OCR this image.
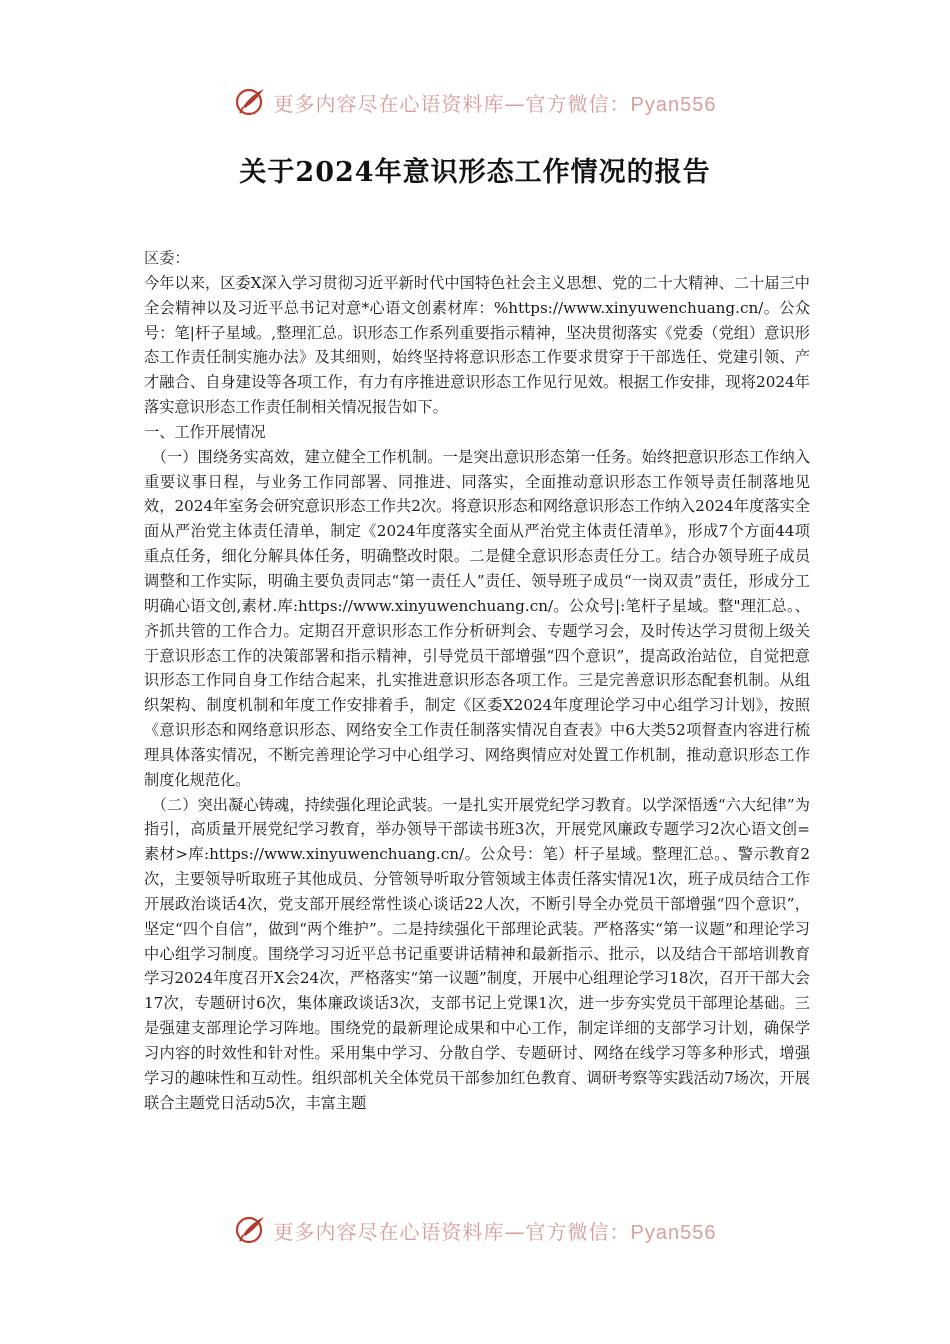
更多内容尽在心语资料库—官方微信：Pyan556
关于2024年意识形态工作情况的报告

区委：

今年以来，区委X深入学习贯彻习近平新时代中国特色社会主义思想、党的二十大精神、二十届三中全会精神以及习近平总书记对意*心语文创素材库：%https://www.xinyuwenchuang.cn/。公众号：笔|杆子星域。,整理汇总。识形态工作系列重要指示精神，坚决贯彻落实《党委（党组）意识形态工作责任制实施办法》及其细则，始终坚持将意识形态工作要求贯穿于干部选任、党建引领、产才融合、自身建设等各项工作，有力有序推进意识形态工作见行见效。根据工作安排，现将2024年落实意识形态工作责任制相关情况报告如下。

一、工作开展情况

（一）围绕务实高效，建立健全工作机制。一是突出意识形态第一任务。始终把意识形态工作纳入重要议事日程，与业务工作同部署、同推进、同落实，全面推动意识形态工作领导责任制落地见效，2024年室务会研究意识形态工作共2次。将意识形态和网络意识形态工作纳入2024年度落实全面从严治党主体责任清单，制定《2024年度落实全面从严治党主体责任清单》，形成7个方面44项重点任务，细化分解具体任务，明确整改时限。二是健全意识形态责任分工。结合办领导班子成员调整和工作实际，明确主要负责同志“第一责任人”责任、领导班子成员“一岗双责”责任，形成分工明确心语文创,素材.库:https://www.xinyuwenchuang.cn/。公众号|:笔杆子星域。整"理汇总。、齐抓共管的工作合力。定期召开意识形态工作分析研判会、专题学习会，及时传达学习贯彻上级关于意识形态工作的决策部署和指示精神，引导党员干部增强“四个意识”，提高政治站位，自觉把意识形态工作同自身工作结合起来，扎实推进意识形态各项工作。三是完善意识形态配套机制。从组织架构、制度机制和年度工作安排着手，制定《区委X2024年度理论学习中心组学习计划》，按照《意识形态和网络意识形态、网络安全工作责任制落实情况自查表》中6大类52项督查内容进行梳理具体落实情况，不断完善理论学习中心组学习、网络舆情应对处置工作机制，推动意识形态工作制度化规范化。

（二）突出凝心铸魂，持续强化理论武装。一是扎实开展党纪学习教育。以学深悟透“六大纪律”为指引，高质量开展党纪学习教育，举办领导干部读书班3次，开展党风廉政专题学习2次心语文创=素材>库:https://www.xinyuwenchuang.cn/。公众号：笔）杆子星域。整理汇总。、警示教育2次，主要领导听取班子其他成员、分管领导听取分管领域主体责任落实情况1次，班子成员结合工作开展政治谈话4次，党支部开展经常性谈心谈话22人次，不断引导全办党员干部增强“四个意识”，坚定“四个自信”，做到“两个维护”。二是持续强化干部理论武装。严格落实“第一议题”和理论学习中心组学习制度。围绕学习习近平总书记重要讲话精神和最新指示、批示，以及结合干部培训教育学习2024年度召开X会24次，严格落实“第一议题”制度，开展中心组理论学习18次，召开干部大会17次，专题研讨6次，集体廉政谈话3次，支部书记上党课1次，进一步夯实党员干部理论基础。三是强建支部理论学习阵地。围绕党的最新理论成果和中心工作，制定详细的支部学习计划，确保学习内容的时效性和针对性。采用集中学习、分散自学、专题研讨、网络在线学习等多种形式，增强学习的趣味性和互动性。组织部机关全体党员干部参加红色教育、调研考察等实践活动7场次，开展联合主题党日活动5次，丰富主题

更多内容尽在心语资料库—官方微信：Pyan556
